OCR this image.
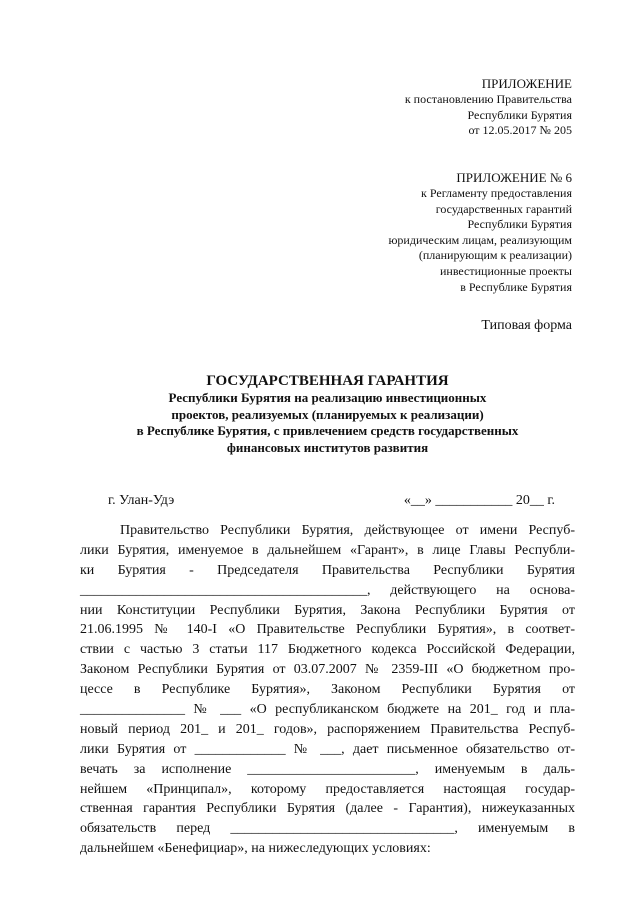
ПРИЛОЖЕНИЕ
к постановлению Правительства
Республики Бурятия
от 12.05.2017 № 205
ПРИЛОЖЕНИЕ № 6
к Регламенту предоставления
государственных гарантий
Республики Бурятия
юридическим лицам, реализующим
(планирующим к реализации)
инвестиционные проекты
в Республике Бурятия
Типовая форма

ГОСУДАРСТВЕННАЯ ГАРАНТИЯ

Республики Бурятия на реализацию инвестиционных

проектов, реализуемых (планируемых к реализации)

в Республике Бурятия, с привлечением средств государственных

финансовых институтов развития

г. Улан-Удэ	«__» ___________ 20__ г.
Правительство Республики Бурятия, действующее от имени Респуб-
лики Бурятия, именуемое в дальнейшем «Гарант», в лице Главы Республи-
ки Бурятия - Председателя Правительства Республики Бурятия
_________________________________________, действующего на основа-
нии Конституции Республики Бурятия, Закона Республики Бурятия от
21.06.1995 № 140-I «О Правительстве Республики Бурятия», в соответ-
ствии с частью 3 статьи 117 Бюджетного кодекса Российской Федерации,
Законом Республики Бурятия от 03.07.2007 № 2359-III «О бюджетном про-
цессе в Республике Бурятия», Законом Республики Бурятия от
_______________ № ___ «О республиканском бюджете на 201_ год и пла-
новый период 201_ и 201_ годов», распоряжением Правительства Респуб-
лики Бурятия от _____________ № ___, дает письменное обязательство от-
вечать за исполнение ________________________, именуемым в даль-
нейшем «Принципал», которому предоставляется настоящая государ-
ственная гарантия Республики Бурятия (далее - Гарантия), нижеуказанных
обязательств перед ________________________________, именуемым в
дальнейшем «Бенефициар», на нижеследующих условиях:
